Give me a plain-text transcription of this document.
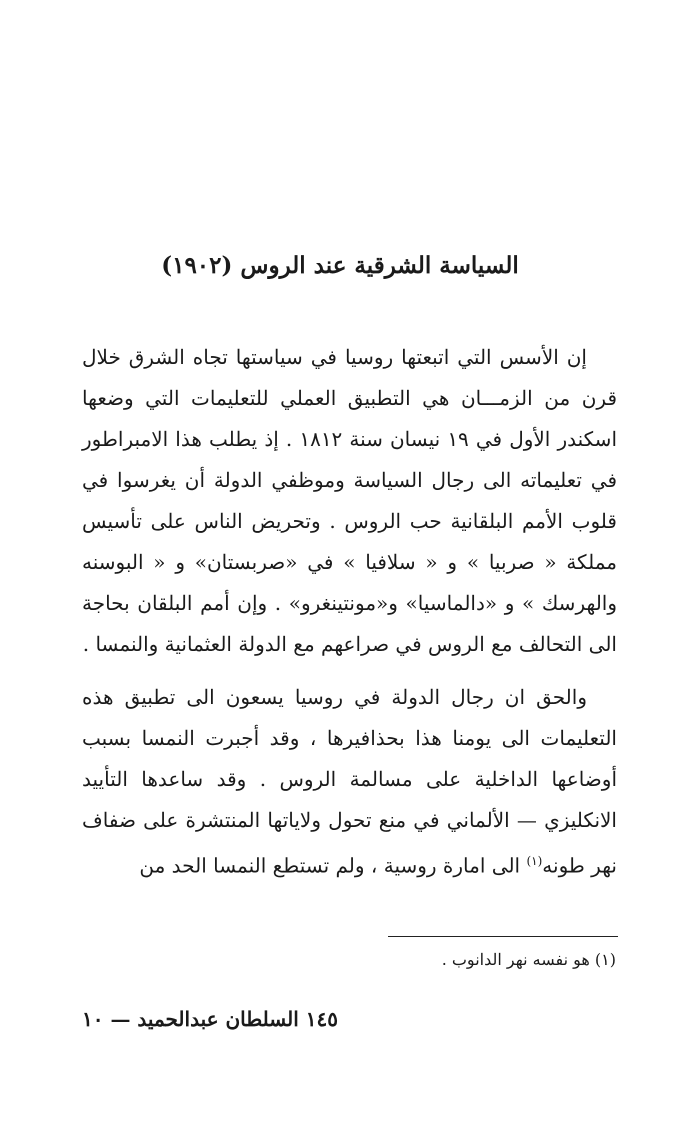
السياسة الشرقية عند الروس (١٩٠٢)

إن الأسس التي اتبعتها روسيا في سياستها تجاه الشرق خلال قرن من الزمـــان هي التطبيق العملي للتعليمات التي وضعها اسكندر الأول في ١٩ نيسان سنة ١٨١٢ . إذ يطلب هذا الامبراطور في تعليماته الى رجال السياسة وموظفي الدولة أن يغرسوا في قلوب الأمم البلقانية حب الروس . وتحريض الناس على تأسيس مملكة « صربيا » و « سلافيا » في «صربستان» و « البوسنه والهرسك » و «دالماسيا» و«مونتينغرو» . وإن أمم البلقان بحاجة الى التحالف مع الروس في صراعهم مع الدولة العثمانية والنمسا .

والحق ان رجال الدولة في روسيا يسعون الى تطبيق هذه التعليمات الى يومنا هذا بحذافيرها ، وقد أجبرت النمسا بسبب أوضاعها الداخلية على مسالمة الروس . وقد ساعدها التأييد الانكليزي — الألماني في منع تحول ولاياتها المنتشرة على ضفاف نهر طونه$^{(١)}$ الى امارة روسية ، ولم تستطع النمسا الحد من

(١) هو نفسه نهر الدانوب .
١٤٥ السلطان عبدالحميد — ١٠
